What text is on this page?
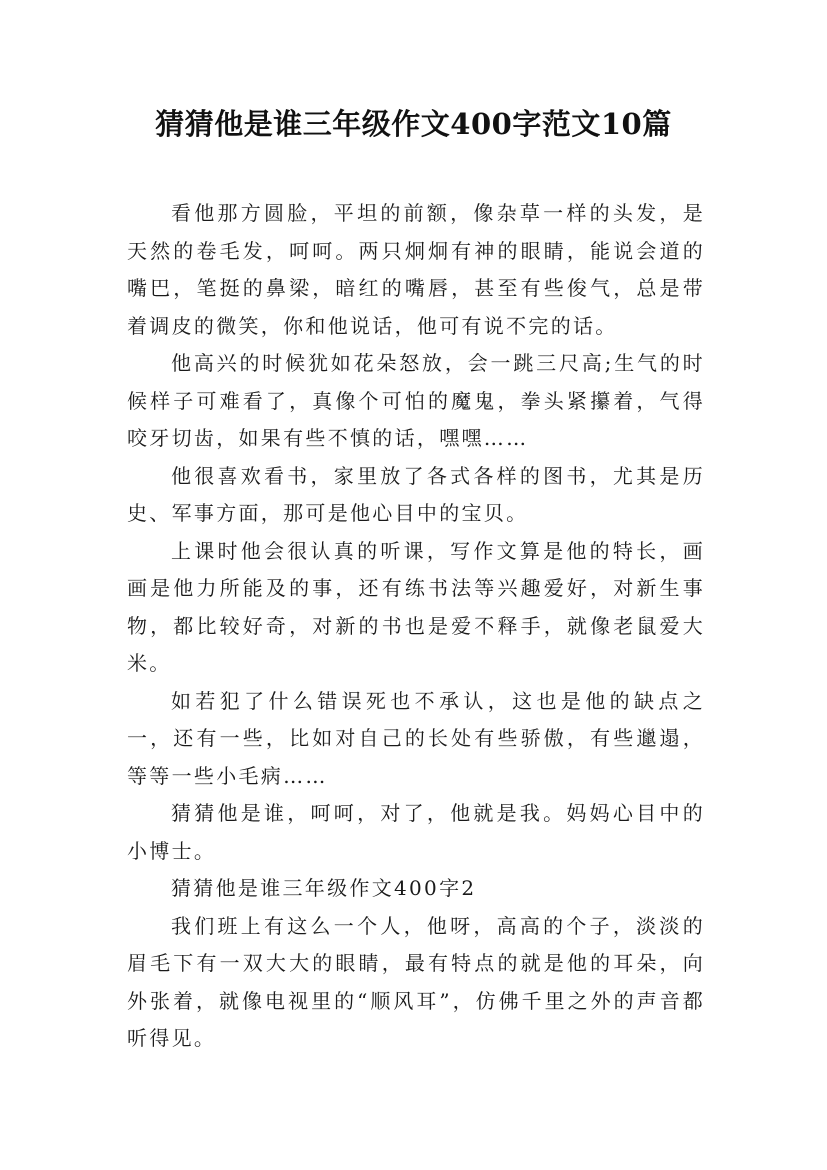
猜猜他是谁三年级作文400字范文10篇

看他那方圆脸，平坦的前额，像杂草一样的头发，是天然的卷毛发，呵呵。两只炯炯有神的眼睛，能说会道的嘴巴，笔挺的鼻梁，暗红的嘴唇，甚至有些俊气，总是带着调皮的微笑，你和他说话，他可有说不完的话。

他高兴的时候犹如花朵怒放，会一跳三尺高;生气的时候样子可难看了，真像个可怕的魔鬼，拳头紧攥着，气得咬牙切齿，如果有些不慎的话，嘿嘿……

他很喜欢看书，家里放了各式各样的图书，尤其是历史、军事方面，那可是他心目中的宝贝。

上课时他会很认真的听课，写作文算是他的特长，画画是他力所能及的事，还有练书法等兴趣爱好，对新生事物，都比较好奇，对新的书也是爱不释手，就像老鼠爱大米。

如若犯了什么错误死也不承认，这也是他的缺点之一，还有一些，比如对自己的长处有些骄傲，有些邋遢，等等一些小毛病……

猜猜他是谁，呵呵，对了，他就是我。妈妈心目中的小博士。

猜猜他是谁三年级作文400字2

我们班上有这么一个人，他呀，高高的个子，淡淡的眉毛下有一双大大的眼睛，最有特点的就是他的耳朵，向外张着，就像电视里的“顺风耳”，仿佛千里之外的声音都听得见。
